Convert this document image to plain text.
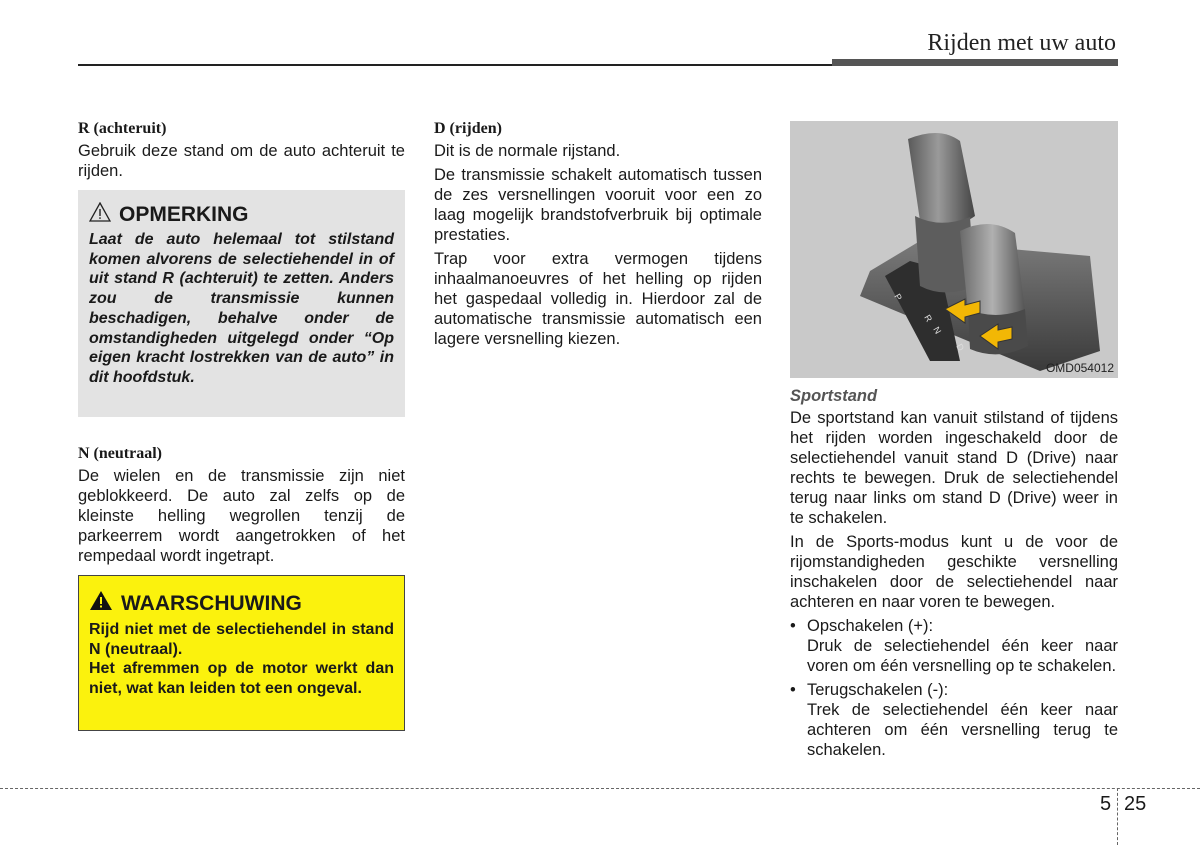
Rijden met uw auto
R (achteruit)

Gebruik deze stand om de auto achteruit te rijden.

OPMERKING
Laat de auto helemaal tot stilstand komen alvorens de selectiehendel in of uit stand R (achteruit) te zetten. Anders zou de transmissie kunnen beschadigen, behalve onder de omstandigheden uitgelegd onder “Op eigen kracht lostrekken van de auto” in dit hoofdstuk.
N (neutraal)

De wielen en de transmissie zijn niet geblokkeerd. De auto zal zelfs op de kleinste helling wegrollen tenzij de parkeerrem wordt aangetrokken of het rempedaal wordt ingetrapt.

WAARSCHUWING

Rijd niet met de selectiehendel in stand N (neutraal).

Het afremmen op de motor werkt dan niet, wat kan leiden tot een ongeval.

D (rijden)

Dit is de normale rijstand.

De transmissie schakelt automatisch tussen de zes versnellingen vooruit voor een zo laag mogelijk brandstofverbruik bij optimale prestaties.

Trap voor extra vermogen tijdens inhaalmanoeuvres of het helling op rijden het gaspedaal volledig in. Hierdoor zal de automatische transmissie automatisch een lagere versnelling kiezen.

P
R
N
D
OMD054012
Sportstand

De sportstand kan vanuit stilstand of tijdens het rijden worden ingeschakeld door de selectiehendel vanuit stand D (Drive) naar rechts te bewegen. Druk de selectiehendel terug naar links om stand D (Drive) weer in te schakelen.

In de Sports-modus kunt u de voor de rijomstandigheden geschikte versnelling inschakelen door de selectiehendel naar achteren en naar voren te bewegen.

• Opschakelen (+):

Druk de selectiehendel één keer naar voren om één versnelling op te schakelen.

• Terugschakelen (-):

Trek de selectiehendel één keer naar achteren om één versnelling terug te schakelen.

5 25
